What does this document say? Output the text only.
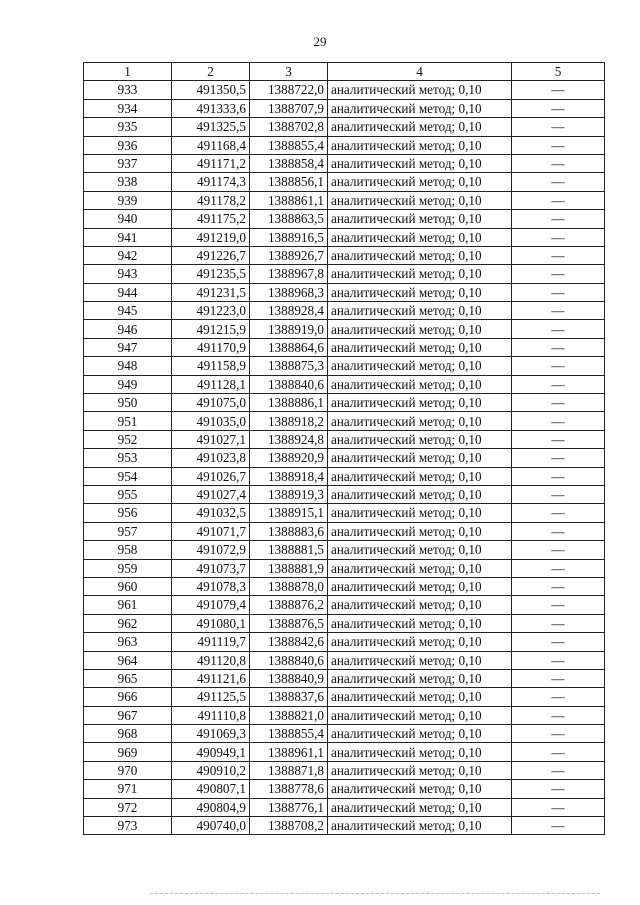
29
1	2	3	4	5
933	491350,5	1388722,0	аналитический метод; 0,10	—
934	491333,6	1388707,9	аналитический метод; 0,10	—
935	491325,5	1388702,8	аналитический метод; 0,10	—
936	491168,4	1388855,4	аналитический метод; 0,10	—
937	491171,2	1388858,4	аналитический метод; 0,10	—
938	491174,3	1388856,1	аналитический метод; 0,10	—
939	491178,2	1388861,1	аналитический метод; 0,10	—
940	491175,2	1388863,5	аналитический метод; 0,10	—
941	491219,0	1388916,5	аналитический метод; 0,10	—
942	491226,7	1388926,7	аналитический метод; 0,10	—
943	491235,5	1388967,8	аналитический метод; 0,10	—
944	491231,5	1388968,3	аналитический метод; 0,10	—
945	491223,0	1388928,4	аналитический метод; 0,10	—
946	491215,9	1388919,0	аналитический метод; 0,10	—
947	491170,9	1388864,6	аналитический метод; 0,10	—
948	491158,9	1388875,3	аналитический метод; 0,10	—
949	491128,1	1388840,6	аналитический метод; 0,10	—
950	491075,0	1388886,1	аналитический метод; 0,10	—
951	491035,0	1388918,2	аналитический метод; 0,10	—
952	491027,1	1388924,8	аналитический метод; 0,10	—
953	491023,8	1388920,9	аналитический метод; 0,10	—
954	491026,7	1388918,4	аналитический метод; 0,10	—
955	491027,4	1388919,3	аналитический метод; 0,10	—
956	491032,5	1388915,1	аналитический метод; 0,10	—
957	491071,7	1388883,6	аналитический метод; 0,10	—
958	491072,9	1388881,5	аналитический метод; 0,10	—
959	491073,7	1388881,9	аналитический метод; 0,10	—
960	491078,3	1388878,0	аналитический метод; 0,10	—
961	491079,4	1388876,2	аналитический метод; 0,10	—
962	491080,1	1388876,5	аналитический метод; 0,10	—
963	491119,7	1388842,6	аналитический метод; 0,10	—
964	491120,8	1388840,6	аналитический метод; 0,10	—
965	491121,6	1388840,9	аналитический метод; 0,10	—
966	491125,5	1388837,6	аналитический метод; 0,10	—
967	491110,8	1388821,0	аналитический метод; 0,10	—
968	491069,3	1388855,4	аналитический метод; 0,10	—
969	490949,1	1388961,1	аналитический метод; 0,10	—
970	490910,2	1388871,8	аналитический метод; 0,10	—
971	490807,1	1388778,6	аналитический метод; 0,10	—
972	490804,9	1388776,1	аналитический метод; 0,10	—
973	490740,0	1388708,2	аналитический метод; 0,10	—
